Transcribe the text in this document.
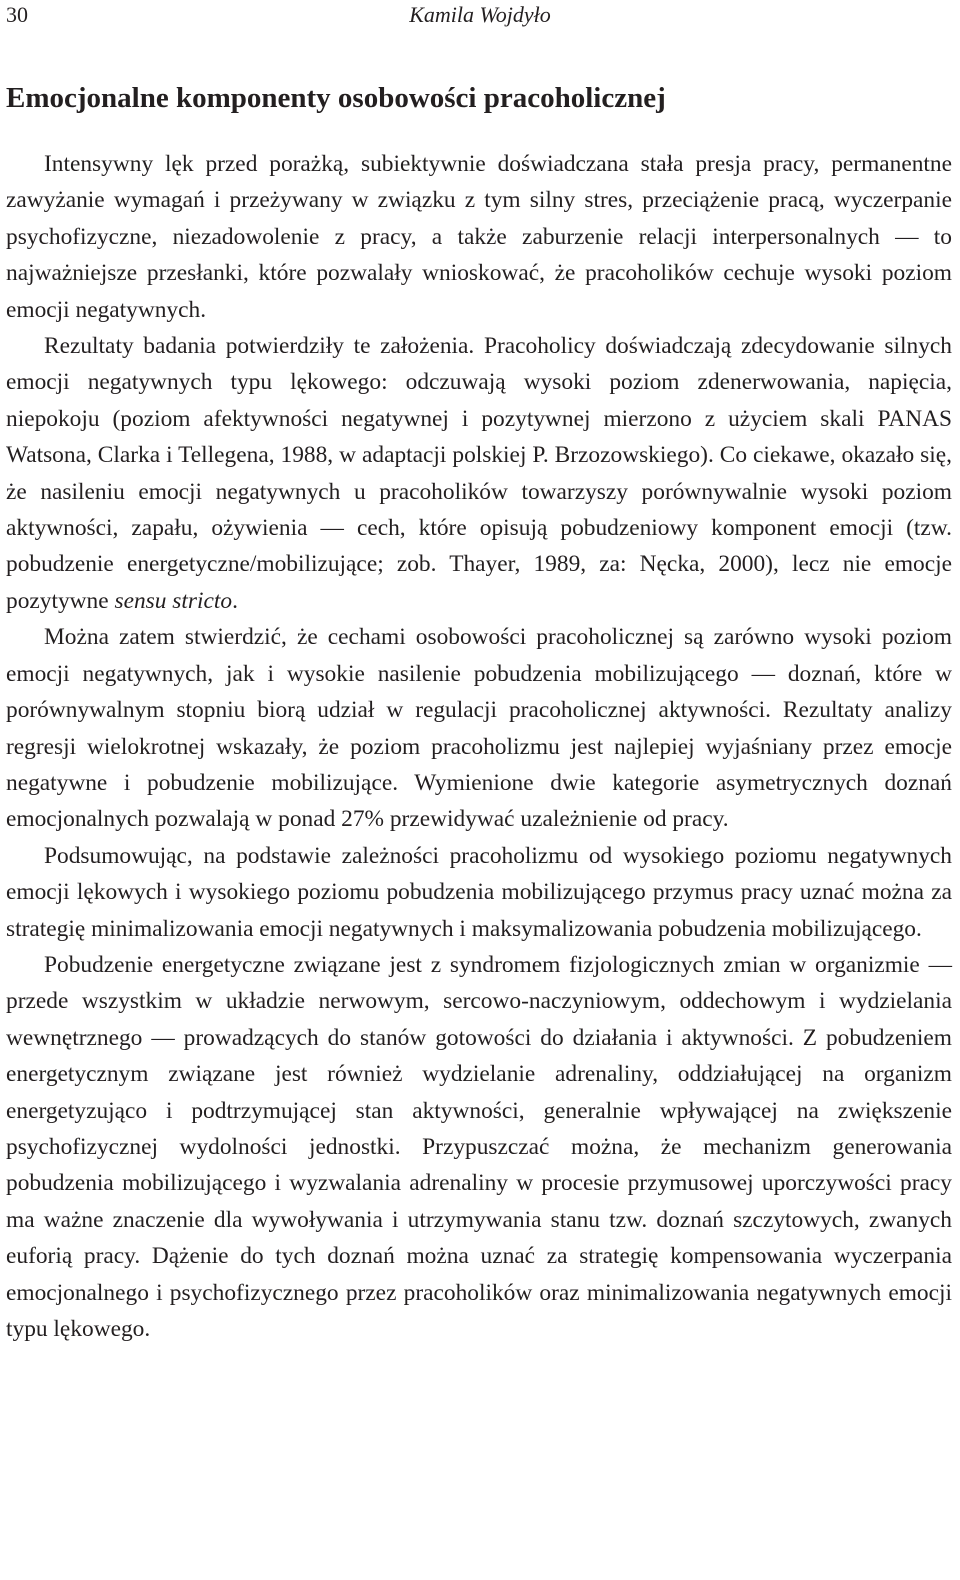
30	Kamila Wojdyło
Emocjonalne komponenty osobowości pracoholicznej

Intensywny lęk przed porażką, subiektywnie doświadczana stała presja pracy, permanentne zawyżanie wymagań i przeżywany w związku z tym silny stres, przeciążenie pracą, wyczerpanie psychofizyczne, niezadowolenie z pracy, a także zaburzenie relacji interpersonalnych — to najważniejsze przesłanki, które pozwalały wnioskować, że pracoholików cechuje wysoki poziom emocji negatywnych.

Rezultaty badania potwierdziły te założenia. Pracoholicy doświadczają zdecydowanie silnych emocji negatywnych typu lękowego: odczuwają wysoki poziom zdenerwowania, napięcia, niepokoju (poziom afektywności negatywnej i pozytywnej mierzono z użyciem skali PANAS Watsona, Clarka i Tellegena, 1988, w adaptacji polskiej P. Brzozowskiego). Co ciekawe, okazało się, że nasileniu emocji negatywnych u pracoholików towarzyszy porównywalnie wysoki poziom aktywności, zapału, ożywienia — cech, które opisują pobudzeniowy komponent emocji (tzw. pobudzenie energetyczne/mobilizujące; zob. Thayer, 1989, za: Nęcka, 2000), lecz nie emocje pozytywne sensu stricto.

Można zatem stwierdzić, że cechami osobowości pracoholicznej są zarówno wysoki poziom emocji negatywnych, jak i wysokie nasilenie pobudzenia mobilizującego — doznań, które w porównywalnym stopniu biorą udział w regulacji pracoholicznej aktywności. Rezultaty analizy regresji wielokrotnej wskazały, że poziom pracoholizmu jest najlepiej wyjaśniany przez emocje negatywne i pobudzenie mobilizujące. Wymienione dwie kategorie asymetrycznych doznań emocjonalnych pozwalają w ponad 27% przewidywać uzależnienie od pracy.

Podsumowując, na podstawie zależności pracoholizmu od wysokiego poziomu negatywnych emocji lękowych i wysokiego poziomu pobudzenia mobilizującego przymus pracy uznać można za strategię minimalizowania emocji negatywnych i maksymalizowania pobudzenia mobilizującego.

Pobudzenie energetyczne związane jest z syndromem fizjologicznych zmian w organizmie — przede wszystkim w układzie nerwowym, sercowo-naczyniowym, oddechowym i wydzielania wewnętrznego — prowadzących do stanów gotowości do działania i aktywności. Z pobudzeniem energetycznym związane jest również wydzielanie adrenaliny, oddziałującej na organizm energetyzująco i podtrzymującej stan aktywności, generalnie wpływającej na zwiększenie psychofizycznej wydolności jednostki. Przypuszczać można, że mechanizm generowania pobudzenia mobilizującego i wyzwalania adrenaliny w procesie przymusowej uporczywości pracy ma ważne znaczenie dla wywoływania i utrzymywania stanu tzw. doznań szczytowych, zwanych euforią pracy. Dążenie do tych doznań można uznać za strategię kompensowania wyczerpania emocjonalnego i psychofizycznego przez pracoholików oraz minimalizowania negatywnych emocji typu lękowego.
